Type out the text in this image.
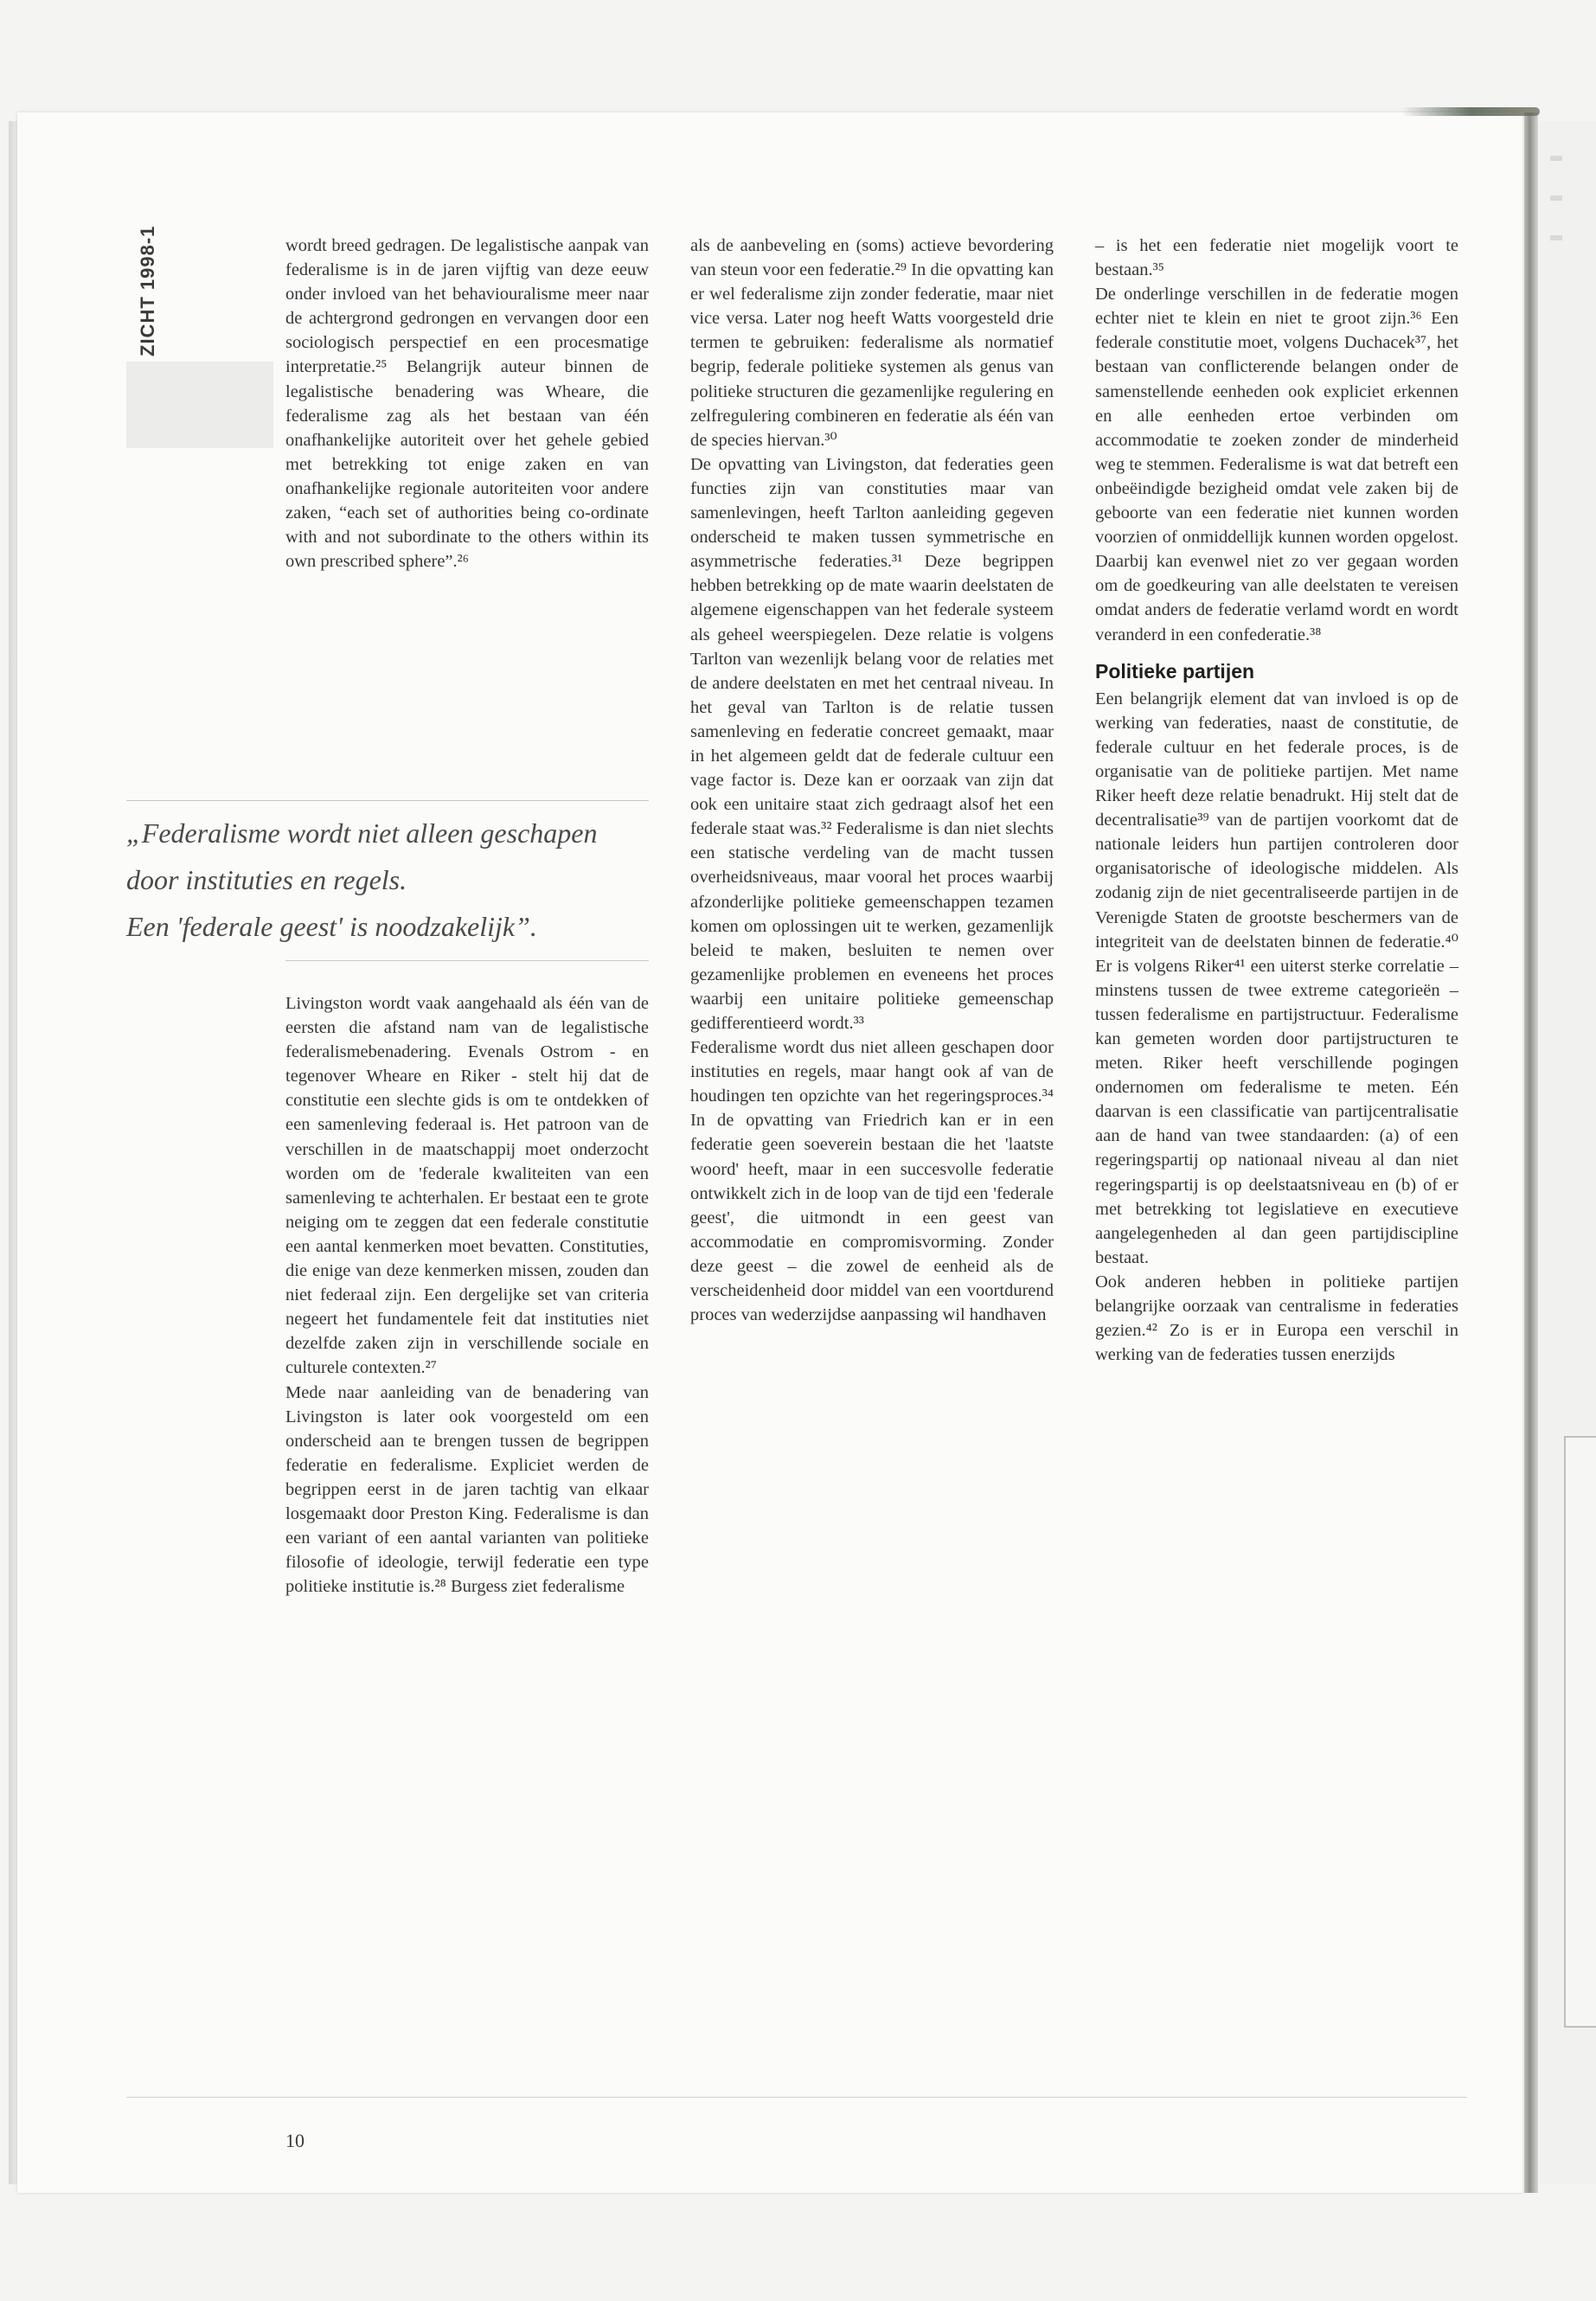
ZICHT 1998-1	wordt breed gedragen. De legalistische aanpak van federalisme is in de jaren vijftig van deze eeuw onder invloed van het behaviouralisme meer naar de achtergrond gedrongen en vervangen door een sociologisch perspectief en een procesmatige interpretatie.²⁵ Belangrijk auteur binnen de legalistische benadering was Wheare, die federalisme zag als het bestaan van één onafhankelijke autoriteit over het gehele gebied met betrekking tot enige zaken en van onafhankelijke regionale autoriteiten voor andere zaken, “each set of authorities being co-ordinate with and not subordinate to the others within its own prescribed sphere”.²⁶

„Federalisme wordt niet alleen geschapen
door instituties en regels.
Een 'federale geest' is noodzakelijk”.

Livingston wordt vaak aangehaald als één van de eersten die afstand nam van de legalistische federalismebenadering. Evenals Ostrom - en tegenover Wheare en Riker - stelt hij dat de constitutie een slechte gids is om te ontdekken of een samenleving federaal is. Het patroon van de verschillen in de maatschappij moet onderzocht worden om de 'federale kwaliteiten van een samenleving te achterhalen. Er bestaat een te grote neiging om te zeggen dat een federale constitutie een aantal kenmerken moet bevatten. Constituties, die enige van deze kenmerken missen, zouden dan niet federaal zijn. Een dergelijke set van criteria negeert het fundamentele feit dat instituties niet dezelfde zaken zijn in verschillende sociale en culturele contexten.²⁷

Mede naar aanleiding van de benadering van Livingston is later ook voorgesteld om een onderscheid aan te brengen tussen de begrippen federatie en federalisme. Expliciet werden de begrippen eerst in de jaren tachtig van elkaar losgemaakt door Preston King. Federalisme is dan een variant of een aantal varianten van politieke filosofie of ideologie, terwijl federatie een type politieke institutie is.²⁸ Burgess ziet federalisme

als de aanbeveling en (soms) actieve bevordering van steun voor een federatie.²⁹ In die opvatting kan er wel federalisme zijn zonder federatie, maar niet vice versa. Later nog heeft Watts voorgesteld drie termen te gebruiken: federalisme als normatief begrip, federale politieke systemen als genus van politieke structuren die gezamenlijke regulering en zelfregulering combineren en federatie als één van de species hiervan.³⁰

De opvatting van Livingston, dat federaties geen functies zijn van constituties maar van samenlevingen, heeft Tarlton aanleiding gegeven onderscheid te maken tussen symmetrische en asymmetrische federaties.³¹ Deze begrippen hebben betrekking op de mate waarin deelstaten de algemene eigenschappen van het federale systeem als geheel weerspiegelen. Deze relatie is volgens Tarlton van wezenlijk belang voor de relaties met de andere deelstaten en met het centraal niveau. In het geval van Tarlton is de relatie tussen samenleving en federatie concreet gemaakt, maar in het algemeen geldt dat de federale cultuur een vage factor is. Deze kan er oorzaak van zijn dat ook een unitaire staat zich gedraagt alsof het een federale staat was.³² Federalisme is dan niet slechts een statische verdeling van de macht tussen overheidsniveaus, maar vooral het proces waarbij afzonderlijke politieke gemeenschappen tezamen komen om oplossingen uit te werken, gezamenlijk beleid te maken, besluiten te nemen over gezamenlijke problemen en eveneens het proces waarbij een unitaire politieke gemeenschap gedifferentieerd wordt.³³

Federalisme wordt dus niet alleen geschapen door instituties en regels, maar hangt ook af van de houdingen ten opzichte van het regeringsproces.³⁴ In de opvatting van Friedrich kan er in een federatie geen soeverein bestaan die het 'laatste woord' heeft, maar in een succesvolle federatie ontwikkelt zich in de loop van de tijd een 'federale geest', die uitmondt in een geest van accommodatie en compromisvorming. Zonder deze geest – die zowel de eenheid als de verscheidenheid door middel van een voortdurend proces van wederzijdse aanpassing wil handhaven

– is het een federatie niet mogelijk voort te bestaan.³⁵

De onderlinge verschillen in de federatie mogen echter niet te klein en niet te groot zijn.³⁶ Een federale constitutie moet, volgens Duchacek³⁷, het bestaan van conflicterende belangen onder de samenstellende eenheden ook expliciet erkennen en alle eenheden ertoe verbinden om accommodatie te zoeken zonder de minderheid weg te stemmen. Federalisme is wat dat betreft een onbeëindigde bezigheid omdat vele zaken bij de geboorte van een federatie niet kunnen worden voorzien of onmiddellijk kunnen worden opgelost. Daarbij kan evenwel niet zo ver gegaan worden om de goedkeuring van alle deelstaten te vereisen omdat anders de federatie verlamd wordt en wordt veranderd in een confederatie.³⁸

Politieke partijen

Een belangrijk element dat van invloed is op de werking van federaties, naast de constitutie, de federale cultuur en het federale proces, is de organisatie van de politieke partijen. Met name Riker heeft deze relatie benadrukt. Hij stelt dat de decentralisatie³⁹ van de partijen voorkomt dat de nationale leiders hun partijen controleren door organisatorische of ideologische middelen. Als zodanig zijn de niet gecentraliseerde partijen in de Verenigde Staten de grootste beschermers van de integriteit van de deelstaten binnen de federatie.⁴⁰ Er is volgens Riker⁴¹ een uiterst sterke correlatie – minstens tussen de twee extreme categorieën – tussen federalisme en partijstructuur. Federalisme kan gemeten worden door partijstructuren te meten. Riker heeft verschillende pogingen ondernomen om federalisme te meten. Eén daarvan is een classificatie van partijcentralisatie aan de hand van twee standaarden: (a) of een regeringspartij op nationaal niveau al dan niet regeringspartij is op deelstaatsniveau en (b) of er met betrekking tot legislatieve en executieve aangelegenheden al dan geen partijdiscipline bestaat.

Ook anderen hebben in politieke partijen belangrijke oorzaak van centralisme in federaties gezien.⁴² Zo is er in Europa een verschil in werking van de federaties tussen enerzijds

10
